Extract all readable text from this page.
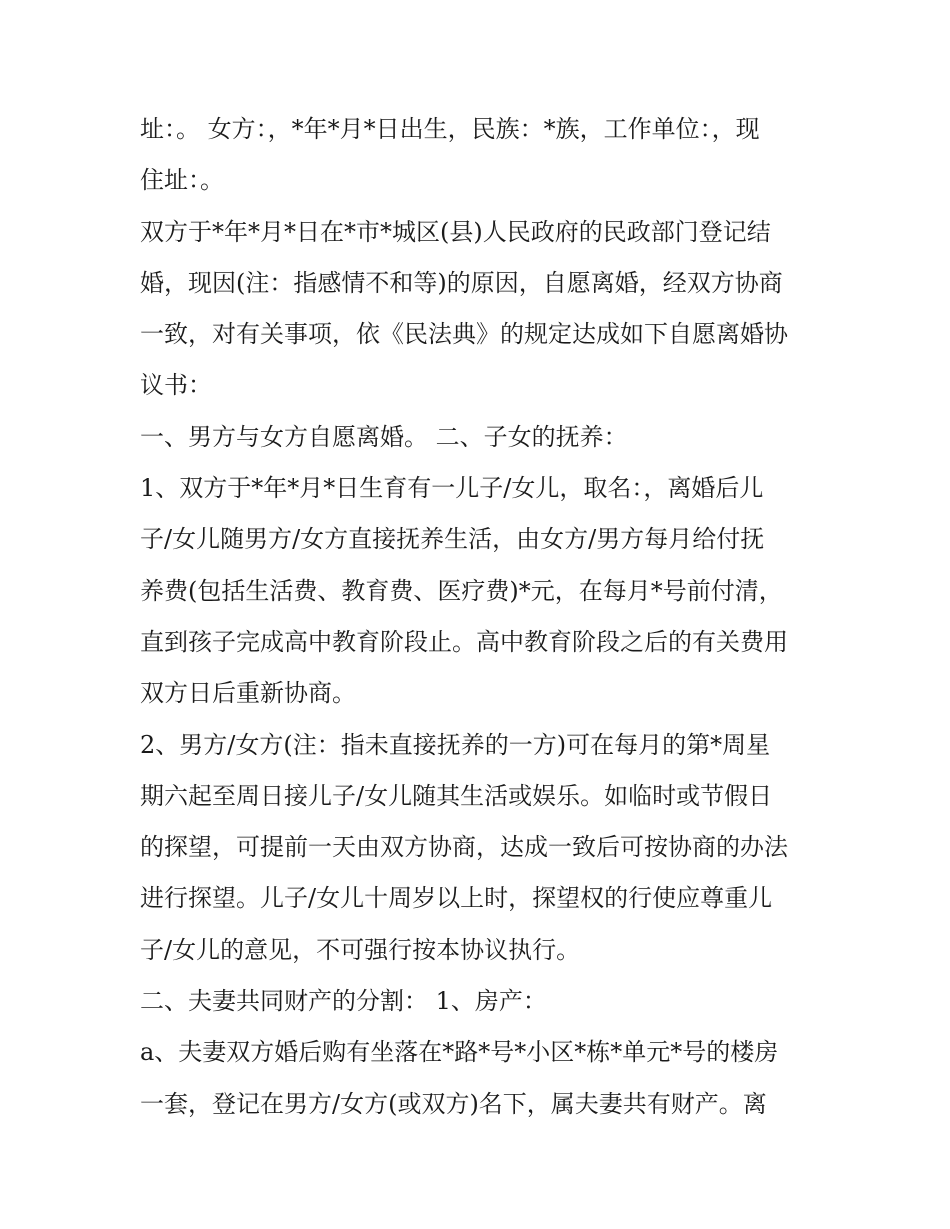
址：。 女方：，*年*月*日出生，民族：*族，工作单位：，现
住址：。
双方于*年*月*日在*市*城区(县)人民政府的民政部门登记结
婚，现因(注：指感情不和等)的原因，自愿离婚，经双方协商
一致，对有关事项，依《民法典》的规定达成如下自愿离婚协
议书：
一、男方与女方自愿离婚。 二、子女的抚养：
1、双方于*年*月*日生育有一儿子/女儿，取名：，离婚后儿
子/女儿随男方/女方直接抚养生活，由女方/男方每月给付抚
养费(包括生活费、教育费、医疗费)*元，在每月*号前付清，
直到孩子完成高中教育阶段止。高中教育阶段之后的有关费用
双方日后重新协商。
2、男方/女方(注：指未直接抚养的一方)可在每月的第*周星
期六起至周日接儿子/女儿随其生活或娱乐。如临时或节假日
的探望，可提前一天由双方协商，达成一致后可按协商的办法
进行探望。儿子/女儿十周岁以上时，探望权的行使应尊重儿
子/女儿的意见，不可强行按本协议执行。
二、夫妻共同财产的分割： 1、房产：
a、夫妻双方婚后购有坐落在*路*号*小区*栋*单元*号的楼房
一套，登记在男方/女方(或双方)名下，属夫妻共有财产。离
